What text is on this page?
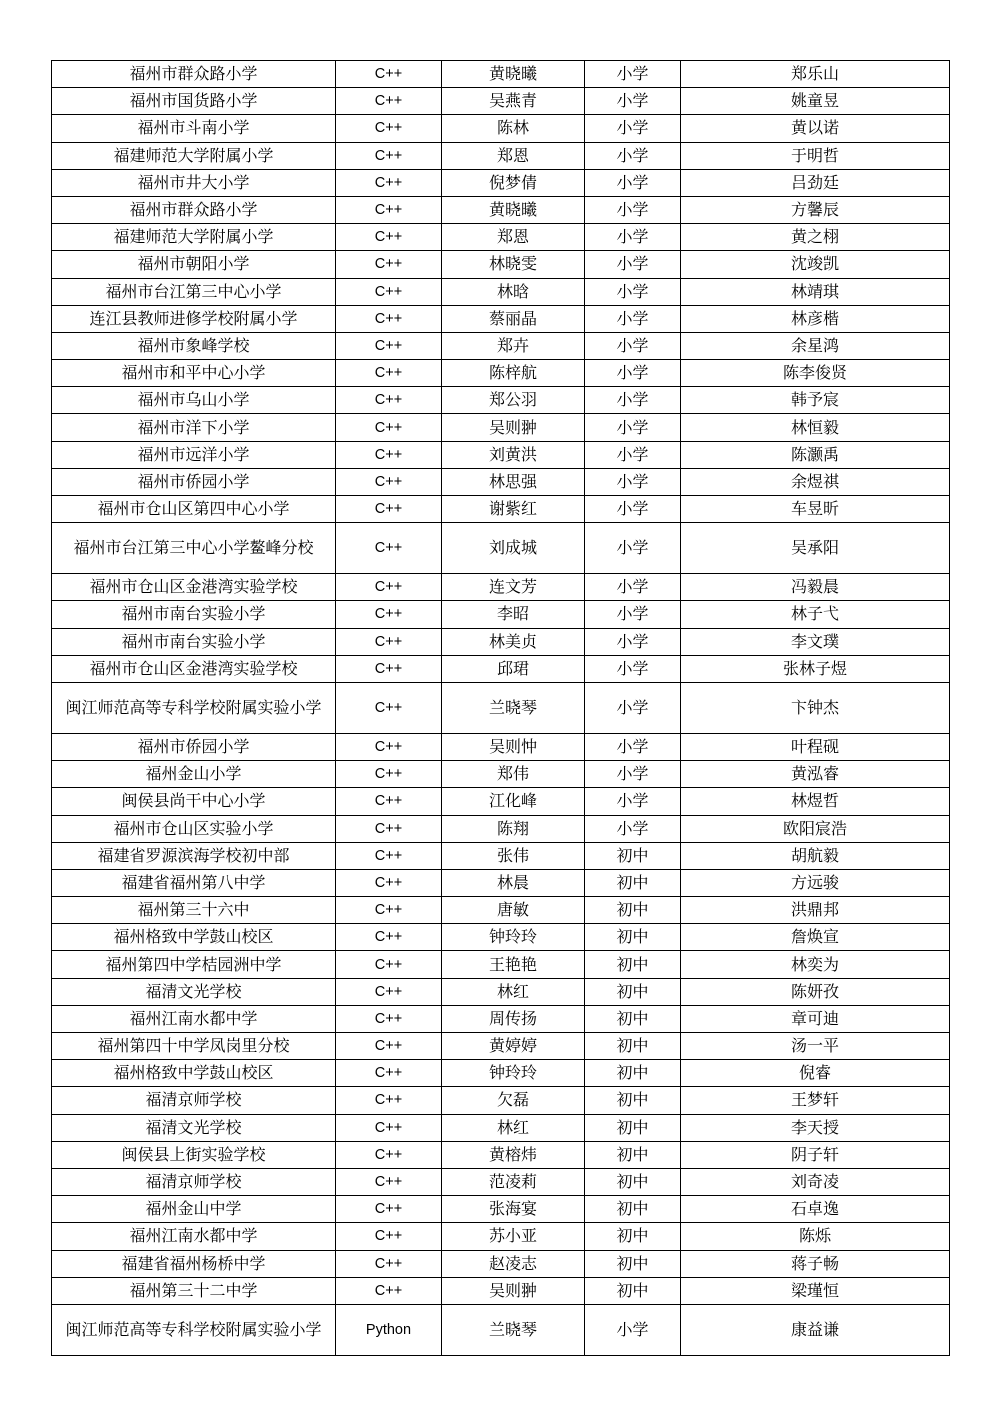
福州市群众路小学	C++	黄晓曦	小学	郑乐山
福州市国货路小学	C++	吴燕青	小学	姚童昱
福州市斗南小学	C++	陈林	小学	黄以诺
福建师范大学附属小学	C++	郑恩	小学	于明哲
福州市井大小学	C++	倪梦倩	小学	吕劲廷
福州市群众路小学	C++	黄晓曦	小学	方馨辰
福建师范大学附属小学	C++	郑恩	小学	黄之栩
福州市朝阳小学	C++	林晓雯	小学	沈竣凯
福州市台江第三中心小学	C++	林晗	小学	林靖琪
连江县教师进修学校附属小学	C++	蔡丽晶	小学	林彦楷
福州市象峰学校	C++	郑卉	小学	余星鸿
福州市和平中心小学	C++	陈梓航	小学	陈李俊贤
福州市乌山小学	C++	郑公羽	小学	韩予宸
福州市洋下小学	C++	吴则翀	小学	林恒毅
福州市远洋小学	C++	刘黄洪	小学	陈灏禹
福州市侨园小学	C++	林思强	小学	余煜祺
福州市仓山区第四中心小学	C++	谢紫红	小学	车昱昕
福州市台江第三中心小学鳌峰分校	C++	刘成城	小学	吴承阳
福州市仓山区金港湾实验学校	C++	连文芳	小学	冯毅晨
福州市南台实验小学	C++	李昭	小学	林子弋
福州市南台实验小学	C++	林美贞	小学	李文璞
福州市仓山区金港湾实验学校	C++	邱珺	小学	张林子煜
闽江师范高等专科学校附属实验小学	C++	兰晓琴	小学	卞钟杰
福州市侨园小学	C++	吴则忡	小学	叶程砚
福州金山小学	C++	郑伟	小学	黄泓睿
闽侯县尚干中心小学	C++	江化峰	小学	林煜哲
福州市仓山区实验小学	C++	陈翔	小学	欧阳宸浩
福建省罗源滨海学校初中部	C++	张伟	初中	胡航毅
福建省福州第八中学	C++	林晨	初中	方远骏
福州第三十六中	C++	唐敏	初中	洪鼎邦
福州格致中学鼓山校区	C++	钟玲玲	初中	詹焕宣
福州第四中学桔园洲中学	C++	王艳艳	初中	林奕为
福清文光学校	C++	林红	初中	陈妍孜
福州江南水都中学	C++	周传扬	初中	章可迪
福州第四十中学凤岗里分校	C++	黄婷婷	初中	汤一平
福州格致中学鼓山校区	C++	钟玲玲	初中	倪睿
福清京师学校	C++	欠磊	初中	王梦轩
福清文光学校	C++	林红	初中	李天授
闽侯县上街实验学校	C++	黄榕炜	初中	阴子轩
福清京师学校	C++	范凌莉	初中	刘奇凌
福州金山中学	C++	张海宴	初中	石卓逸
福州江南水都中学	C++	苏小亚	初中	陈烁
福建省福州杨桥中学	C++	赵凌志	初中	蒋子畅
福州第三十二中学	C++	吴则翀	初中	梁瑾恒
闽江师范高等专科学校附属实验小学	Python	兰晓琴	小学	康益谦
